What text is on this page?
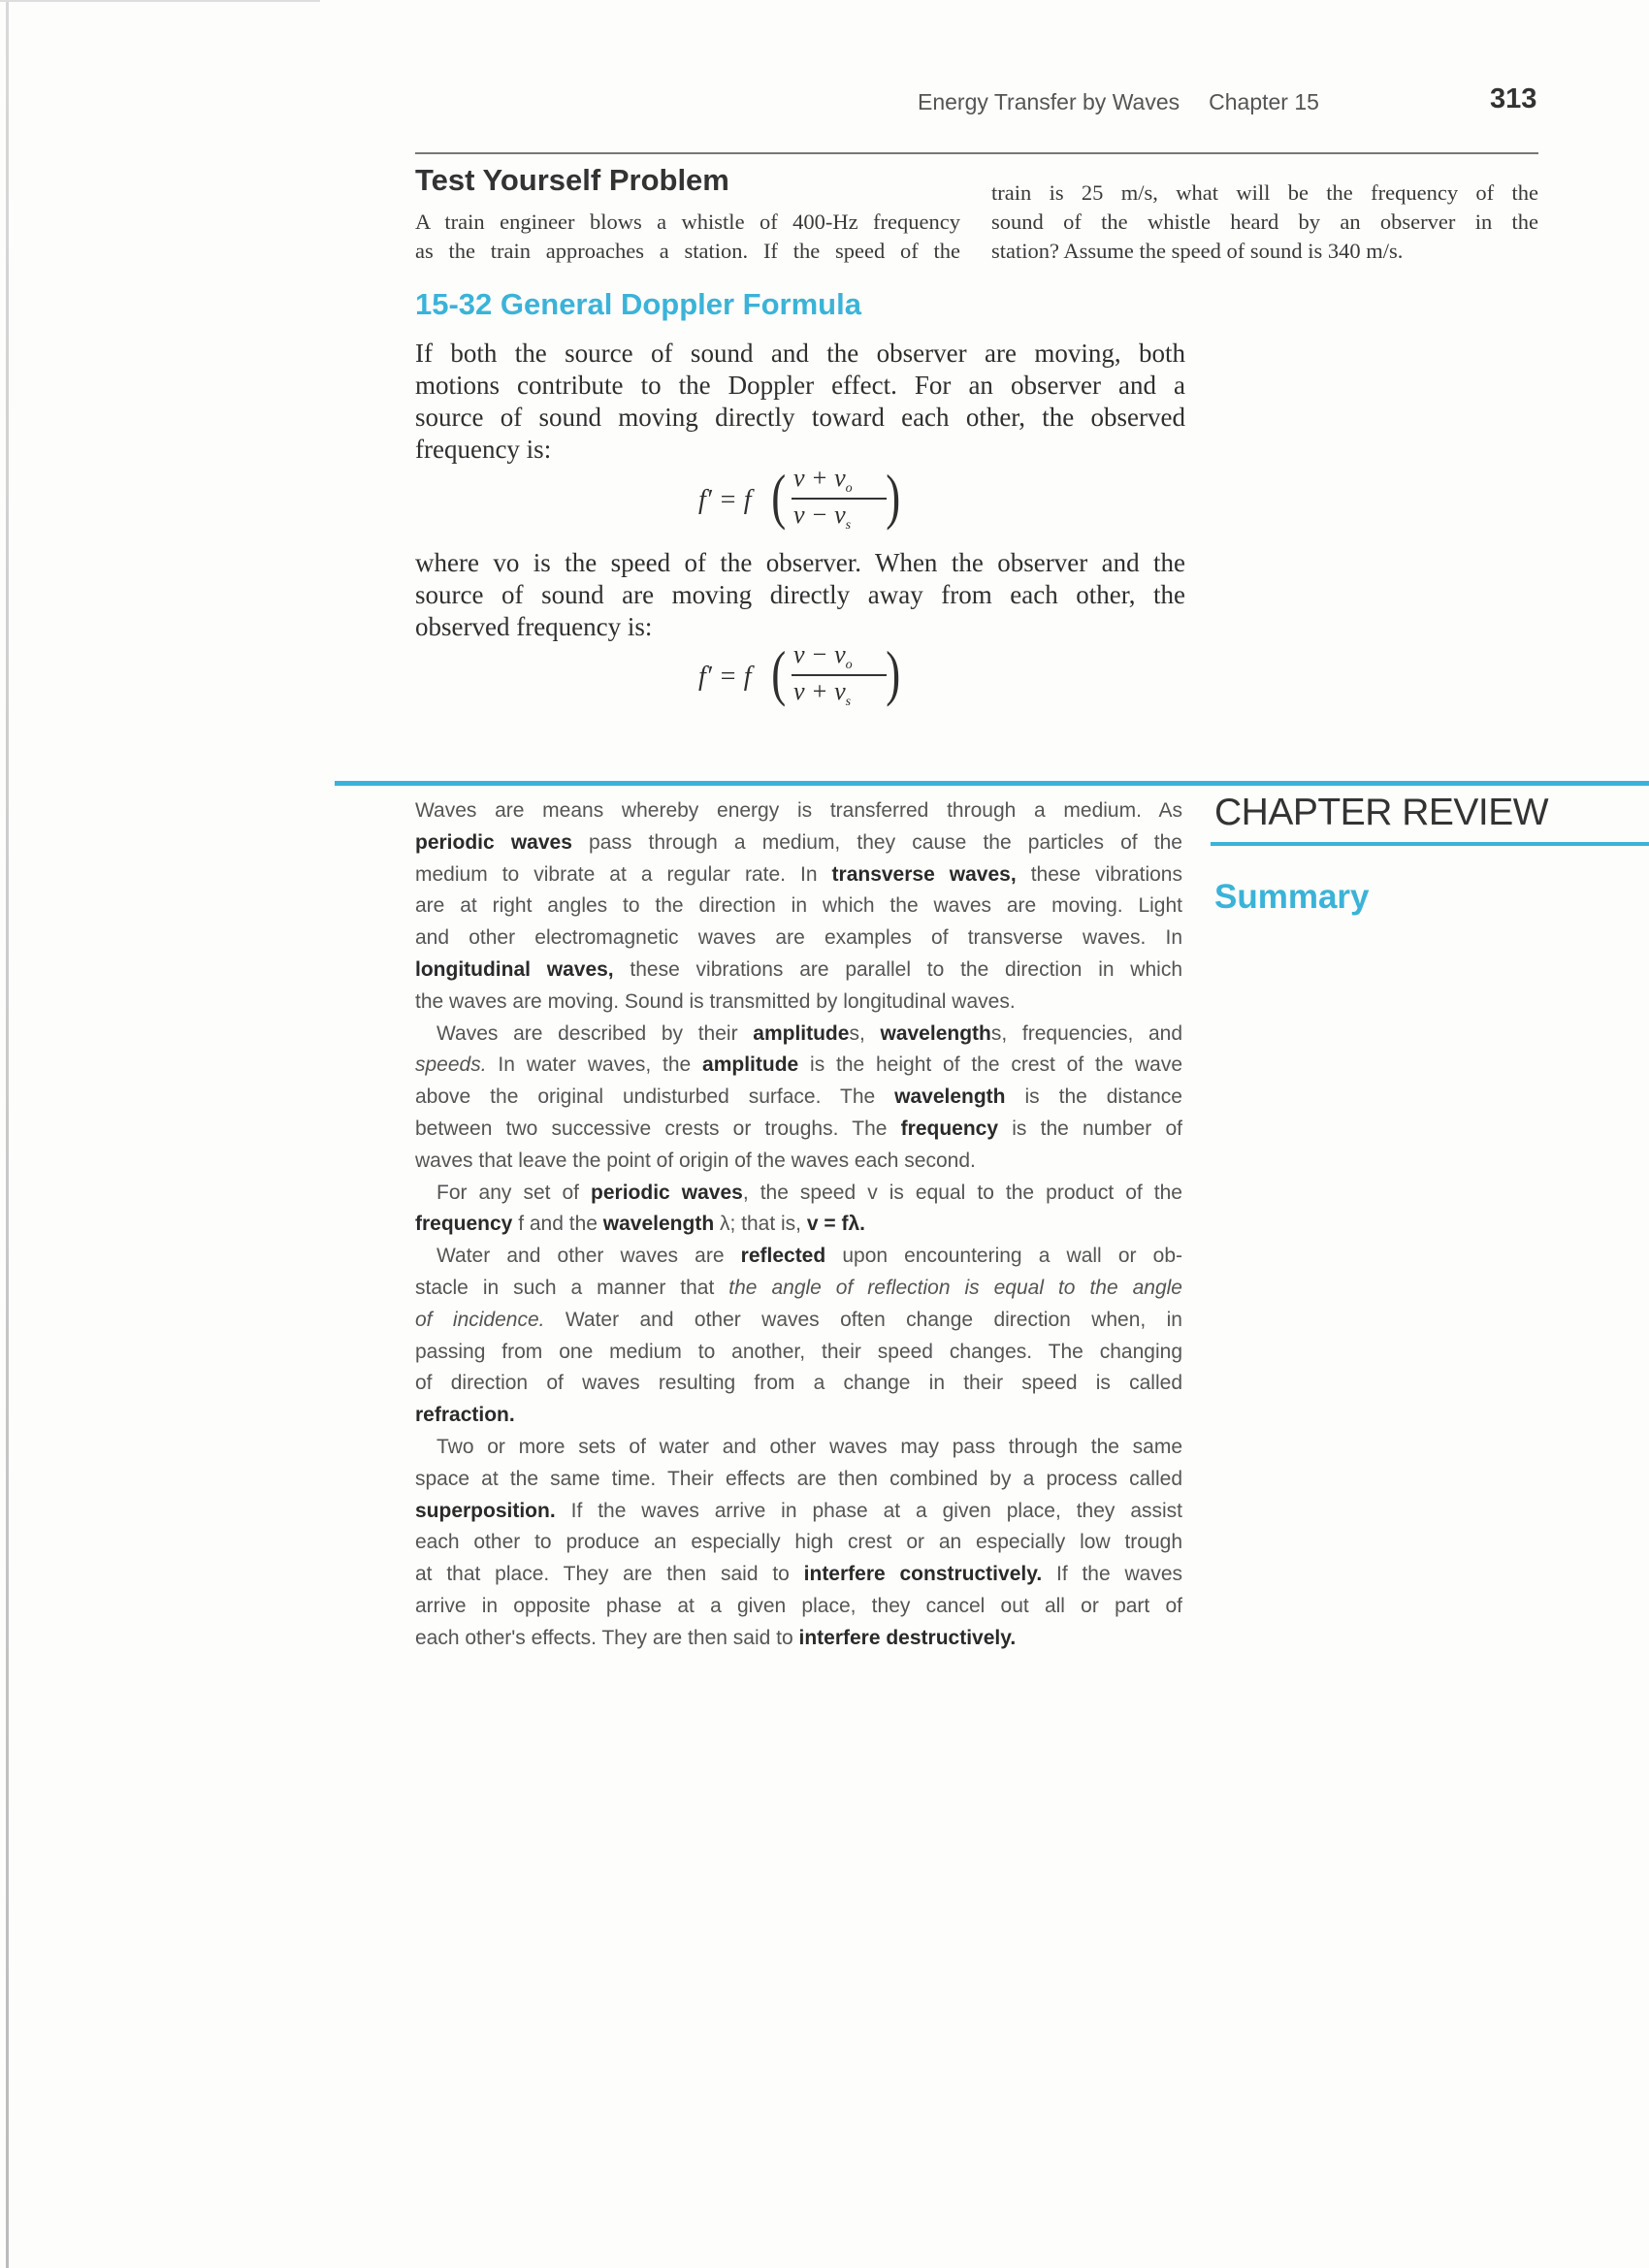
Energy Transfer by Waves Chapter 15	313
Test Yourself Problem
A train engineer blows a whistle of 400-Hz frequency
as the train approaches a station. If the speed of the
train is 25 m/s, what will be the frequency of the
sound of the whistle heard by an observer in the
station? Assume the speed of sound is 340 m/s.
15-32 General Doppler Formula
If both the source of sound and the observer are moving, both
motions contribute to the Doppler effect. For an observer and a
source of sound moving directly toward each other, the observed
frequency is:
f′ = f ( $v + v_o$
$v - v_s$ )
where vo is the speed of the observer. When the observer and the
source of sound are moving directly away from each other, the
observed frequency is:
f′ = f ( $v - v_o$
$v + v_s$ )
CHAPTER REVIEW
Summary
Waves are means whereby energy is transferred through a medium. As
periodic waves pass through a medium, they cause the particles of the
medium to vibrate at a regular rate. In transverse waves, these vibrations
are at right angles to the direction in which the waves are moving. Light
and other electromagnetic waves are examples of transverse waves. In
longitudinal waves, these vibrations are parallel to the direction in which
the waves are moving. Sound is transmitted by longitudinal waves.
Waves are described by their amplitudes, wavelengths, frequencies, and
speeds. In water waves, the amplitude is the height of the crest of the wave
above the original undisturbed surface. The wavelength is the distance
between two successive crests or troughs. The frequency is the number of
waves that leave the point of origin of the waves each second.
For any set of periodic waves, the speed v is equal to the product of the
frequency f and the wavelength λ; that is, v = fλ.
Water and other waves are reflected upon encountering a wall or ob-
stacle in such a manner that the angle of reflection is equal to the angle
of incidence. Water and other waves often change direction when, in
passing from one medium to another, their speed changes. The changing
of direction of waves resulting from a change in their speed is called
refraction.
Two or more sets of water and other waves may pass through the same
space at the same time. Their effects are then combined by a process called
superposition. If the waves arrive in phase at a given place, they assist
each other to produce an especially high crest or an especially low trough
at that place. They are then said to interfere constructively. If the waves
arrive in opposite phase at a given place, they cancel out all or part of
each other's effects. They are then said to interfere destructively.
